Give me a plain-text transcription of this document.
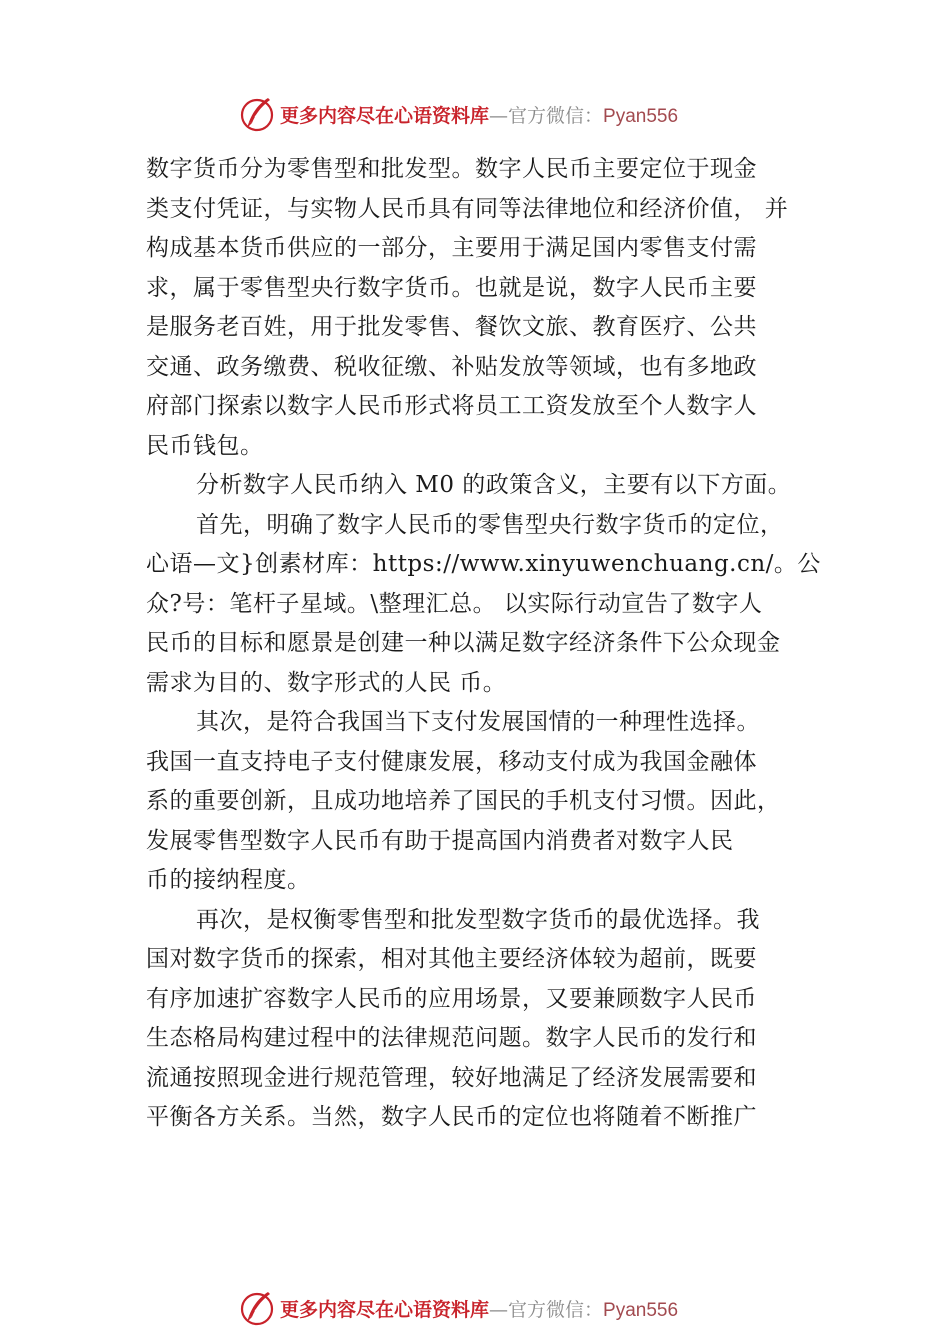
更多内容尽在心语资料库—官方微信：Pyan556
数字货币分为零售型和批发型。数字人民币主要定位于现金
类支付凭证，与实物人民币具有同等法律地位和经济价值， 并
构成基本货币供应的一部分，主要用于满足国内零售支付需
求，属于零售型央行数字货币。也就是说，数字人民币主要
是服务老百姓，用于批发零售、餐饮文旅、教育医疗、公共
交通、政务缴费、税收征缴、补贴发放等领域，也有多地政
府部门探索以数字人民币形式将员工工资发放至个人数字人
民币钱包。
分析数字人民币纳入 M0 的政策含义，主要有以下方面。
首先，明确了数字人民币的零售型央行数字货币的定位，
心语—文}创素材库：https://www.xinyuwenchuang.cn/。公
众?号：笔杆子星域。\整理汇总。 以实际行动宣告了数字人
民币的目标和愿景是创建一种以满足数字经济条件下公众现金
需求为目的、数字形式的人民 币。
其次，是符合我国当下支付发展国情的一种理性选择。
我国一直支持电子支付健康发展，移动支付成为我国金融体
系的重要创新，且成功地培养了国民的手机支付习惯。因此，
发展零售型数字人民币有助于提高国内消费者对数字人民
币的接纳程度。
再次，是权衡零售型和批发型数字货币的最优选择。我
国对数字货币的探索，相对其他主要经济体较为超前，既要
有序加速扩容数字人民币的应用场景，又要兼顾数字人民币
生态格局构建过程中的法律规范问题。数字人民币的发行和
流通按照现金进行规范管理，较好地满足了经济发展需要和
平衡各方关系。当然，数字人民币的定位也将随着不断推广
更多内容尽在心语资料库—官方微信：Pyan556
